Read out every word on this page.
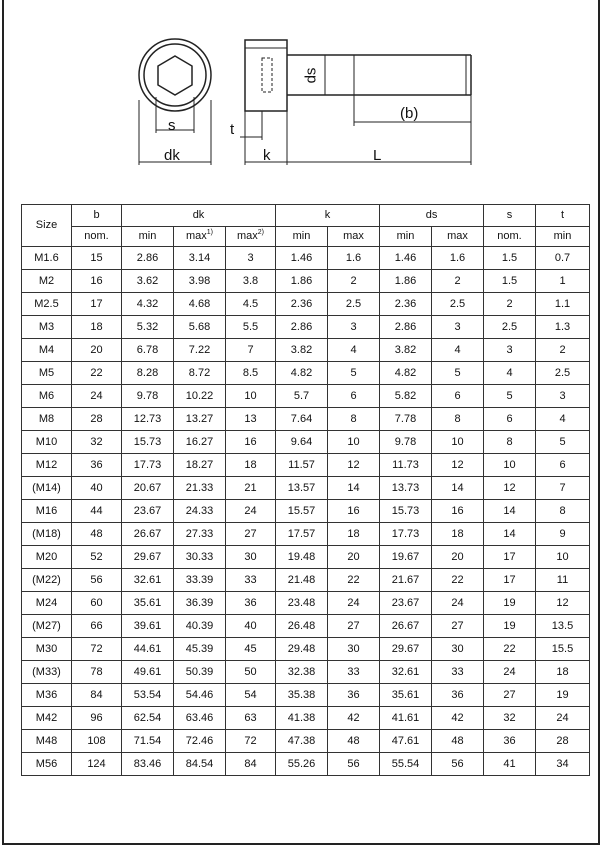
s	t
dk	k	L
ds
(b)
Size	b	dk			k		ds		s	t
	nom.	min	$\max^{1)}$	$\max^{2)}$	min	max	min	max	nom.	min
M1.6	15	2.86	3.14	3	1.46	1.6	1.46	1.6	1.5	0.7
M2	16	3.62	3.98	3.8	1.86	2	1.86	2	1.5	1
M2.5	17	4.32	4.68	4.5	2.36	2.5	2.36	2.5	2	1.1
M3	18	5.32	5.68	5.5	2.86	3	2.86	3	2.5	1.3
M4	20	6.78	7.22	7	3.82	4	3.82	4	3	2
M5	22	8.28	8.72	8.5	4.82	5	4.82	5	4	2.5
M6	24	9.78	10.22	10	5.7	6	5.82	6	5	3
M8	28	12.73	13.27	13	7.64	8	7.78	8	6	4
M10	32	15.73	16.27	16	9.64	10	9.78	10	8	5
M12	36	17.73	18.27	18	11.57	12	11.73	12	10	6
(M14)	40	20.67	21.33	21	13.57	14	13.73	14	12	7
M16	44	23.67	24.33	24	15.57	16	15.73	16	14	8
(M18)	48	26.67	27.33	27	17.57	18	17.73	18	14	9
M20	52	29.67	30.33	30	19.48	20	19.67	20	17	10
(M22)	56	32.61	33.39	33	21.48	22	21.67	22	17	11
M24	60	35.61	36.39	36	23.48	24	23.67	24	19	12
(M27)	66	39.61	40.39	40	26.48	27	26.67	27	19	13.5
M30	72	44.61	45.39	45	29.48	30	29.67	30	22	15.5
(M33)	78	49.61	50.39	50	32.38	33	32.61	33	24	18
M36	84	53.54	54.46	54	35.38	36	35.61	36	27	19
M42	96	62.54	63.46	63	41.38	42	41.61	42	32	24
M48	108	71.54	72.46	72	47.38	48	47.61	48	36	28
M56	124	83.46	84.54	84	55.26	56	55.54	56	41	34
